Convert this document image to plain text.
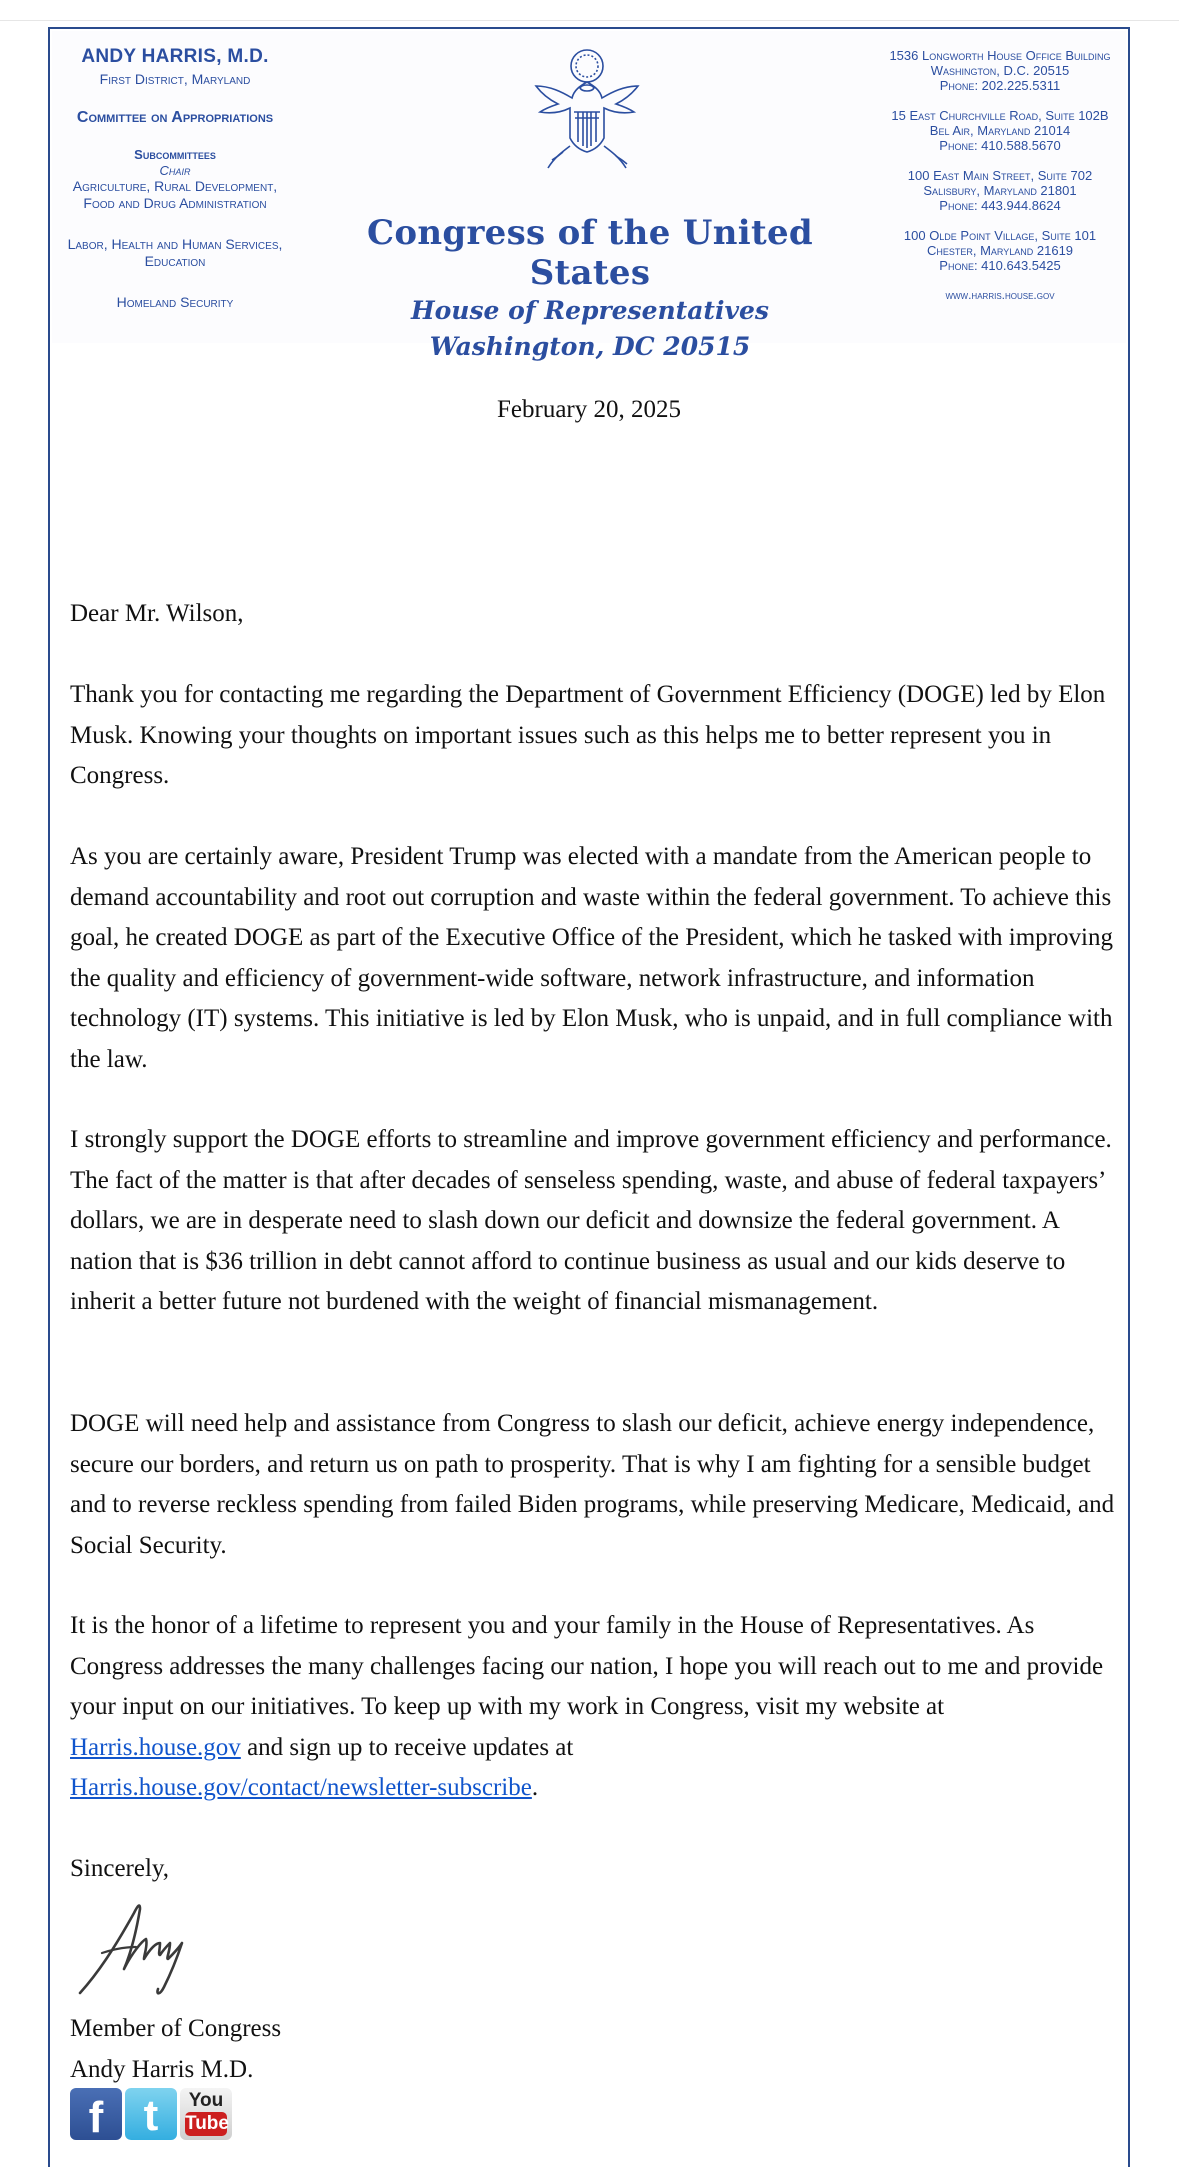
ANDY HARRIS, M.D.
First District, Maryland
Committee on Appropriations
Subcommittees
Chair
Agriculture, Rural Development,
Food and Drug Administration
Labor, Health and Human Services,
Education
Homeland Security
Congress of the United States
House of Representatives
Washington, DC 20515
1536 Longworth House Office Building
Washington, D.C. 20515
Phone: 202.225.5311
15 East Churchville Road, Suite 102B
Bel Air, Maryland 21014
Phone: 410.588.5670
100 East Main Street, Suite 702
Salisbury, Maryland 21801
Phone: 443.944.8624
100 Olde Point Village, Suite 101
Chester, Maryland 21619
Phone: 410.643.5425
www.harris.house.gov
February 20, 2025
Dear Mr. Wilson,
Thank you for contacting me regarding the Department of Government Efficiency (DOGE) led by Elon Musk. Knowing your thoughts on important issues such as this helps me to better represent you in Congress.
As you are certainly aware, President Trump was elected with a mandate from the American people to demand accountability and root out corruption and waste within the federal government. To achieve this goal, he created DOGE as part of the Executive Office of the President, which he tasked with improving the quality and efficiency of government-wide software, network infrastructure, and information technology (IT) systems. This initiative is led by Elon Musk, who is unpaid, and in full compliance with the law.
I strongly support the DOGE efforts to streamline and improve government efficiency and performance. The fact of the matter is that after decades of senseless spending, waste, and abuse of federal taxpayers’ dollars, we are in desperate need to slash down our deficit and downsize the federal government. A nation that is $36 trillion in debt cannot afford to continue business as usual and our kids deserve to inherit a better future not burdened with the weight of financial mismanagement.
DOGE will need help and assistance from Congress to slash our deficit, achieve energy independence, secure our borders, and return us on path to prosperity. That is why I am fighting for a sensible budget and to reverse reckless spending from failed Biden programs, while preserving Medicare, Medicaid, and Social Security.
It is the honor of a lifetime to represent you and your family in the House of Representatives. As Congress addresses the many challenges facing our nation, I hope you will reach out to me and provide your input on our initiatives. To keep up with my work in Congress, visit my website at Harris.house.gov and sign up to receive updates at
Harris.house.gov/contact/newsletter-subscribe.
Sincerely,
Member of Congress
Andy Harris M.D.
f t	You
Tube
